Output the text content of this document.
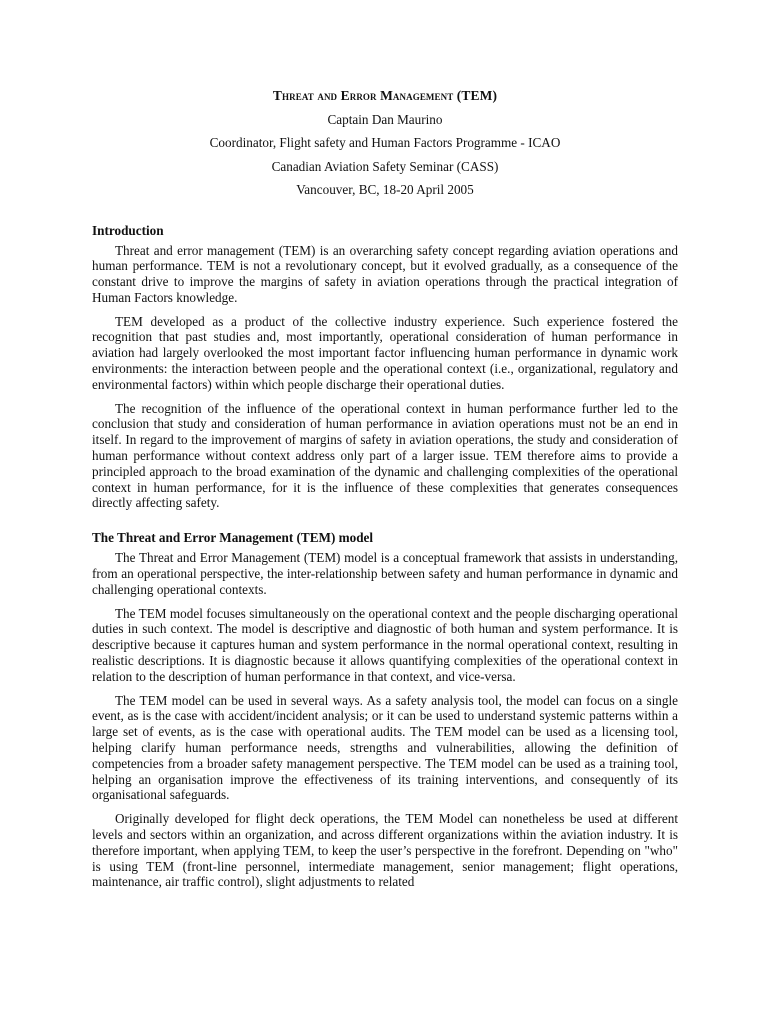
Threat and Error Management (TEM)
Captain Dan Maurino
Coordinator, Flight safety and Human Factors Programme - ICAO
Canadian Aviation Safety Seminar (CASS)
Vancouver, BC, 18-20 April 2005
Introduction

Threat and error management (TEM) is an overarching safety concept regarding aviation operations and human performance. TEM is not a revolutionary concept, but it evolved gradually, as a consequence of the constant drive to improve the margins of safety in aviation operations through the practical integration of Human Factors knowledge.

TEM developed as a product of the collective industry experience. Such experience fostered the recognition that past studies and, most importantly, operational consideration of human performance in aviation had largely overlooked the most important factor influencing human performance in dynamic work environments: the interaction between people and the operational context (i.e., organizational, regulatory and environmental factors) within which people discharge their operational duties.

The recognition of the influence of the operational context in human performance further led to the conclusion that study and consideration of human performance in aviation operations must not be an end in itself. In regard to the improvement of margins of safety in aviation operations, the study and consideration of human performance without context address only part of a larger issue. TEM therefore aims to provide a principled approach to the broad examination of the dynamic and challenging complexities of the operational context in human performance, for it is the influence of these complexities that generates consequences directly affecting safety.

The Threat and Error Management (TEM) model

The Threat and Error Management (TEM) model is a conceptual framework that assists in understanding, from an operational perspective, the inter-relationship between safety and human performance in dynamic and challenging operational contexts.

The TEM model focuses simultaneously on the operational context and the people discharging operational duties in such context. The model is descriptive and diagnostic of both human and system performance. It is descriptive because it captures human and system performance in the normal operational context, resulting in realistic descriptions. It is diagnostic because it allows quantifying complexities of the operational context in relation to the description of human performance in that context, and vice-versa.

The TEM model can be used in several ways. As a safety analysis tool, the model can focus on a single event, as is the case with accident/incident analysis; or it can be used to understand systemic patterns within a large set of events, as is the case with operational audits. The TEM model can be used as a licensing tool, helping clarify human performance needs, strengths and vulnerabilities, allowing the definition of competencies from a broader safety management perspective. The TEM model can be used as a training tool, helping an organisation improve the effectiveness of its training interventions, and consequently of its organisational safeguards.

Originally developed for flight deck operations, the TEM Model can nonetheless be used at different levels and sectors within an organization, and across different organizations within the aviation industry. It is therefore important, when applying TEM, to keep the user’s perspective in the forefront. Depending on "who" is using TEM (front-line personnel, intermediate management, senior management; flight operations, maintenance, air traffic control), slight adjustments to related
